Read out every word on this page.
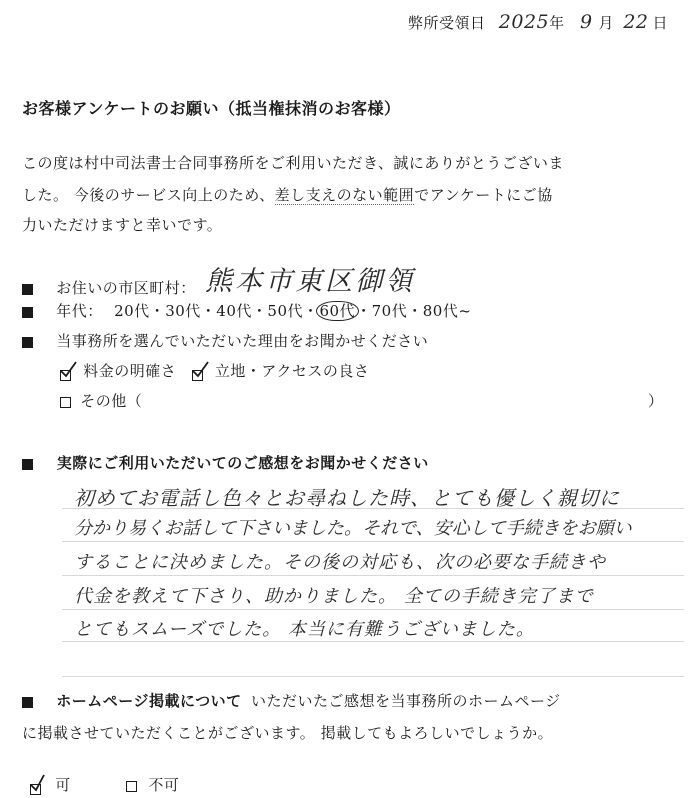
弊所受領日 2025年 9 月 22 日
お客様アンケートのお願い（抵当権抹消のお客様）
この度は村中司法書士合同事務所をご利用いただき、誠にありがとうございま
した。 今後のサービス向上のため、差し支えのない範囲でアンケートにご協
力いただけますと幸いです。
お住いの市区町村： 熊本市東区御領
年代： 20代・30代・40代・50代・60代・70代・80代~
当事務所を選んでいただいた理由をお聞かせください
料金の明確さ	立地・アクセスの良さ
その他（	）
実際にご利用いただいてのご感想をお聞かせください
初めてお電話し色々とお尋ねした時、とても優しく親切に
分かり易くお話して下さいました。それで、安心して手続きをお願い
することに決めました。その後の対応も、次の必要な手続きや
代金を教えて下さり、助かりました。 全ての手続き完了まで
とてもスムーズでした。 本当に有難うございました。
ホームページ掲載について いただいたご感想を当事務所のホームページ
に掲載させていただくことがございます。 掲載してもよろしいでしょうか。
可	不可
